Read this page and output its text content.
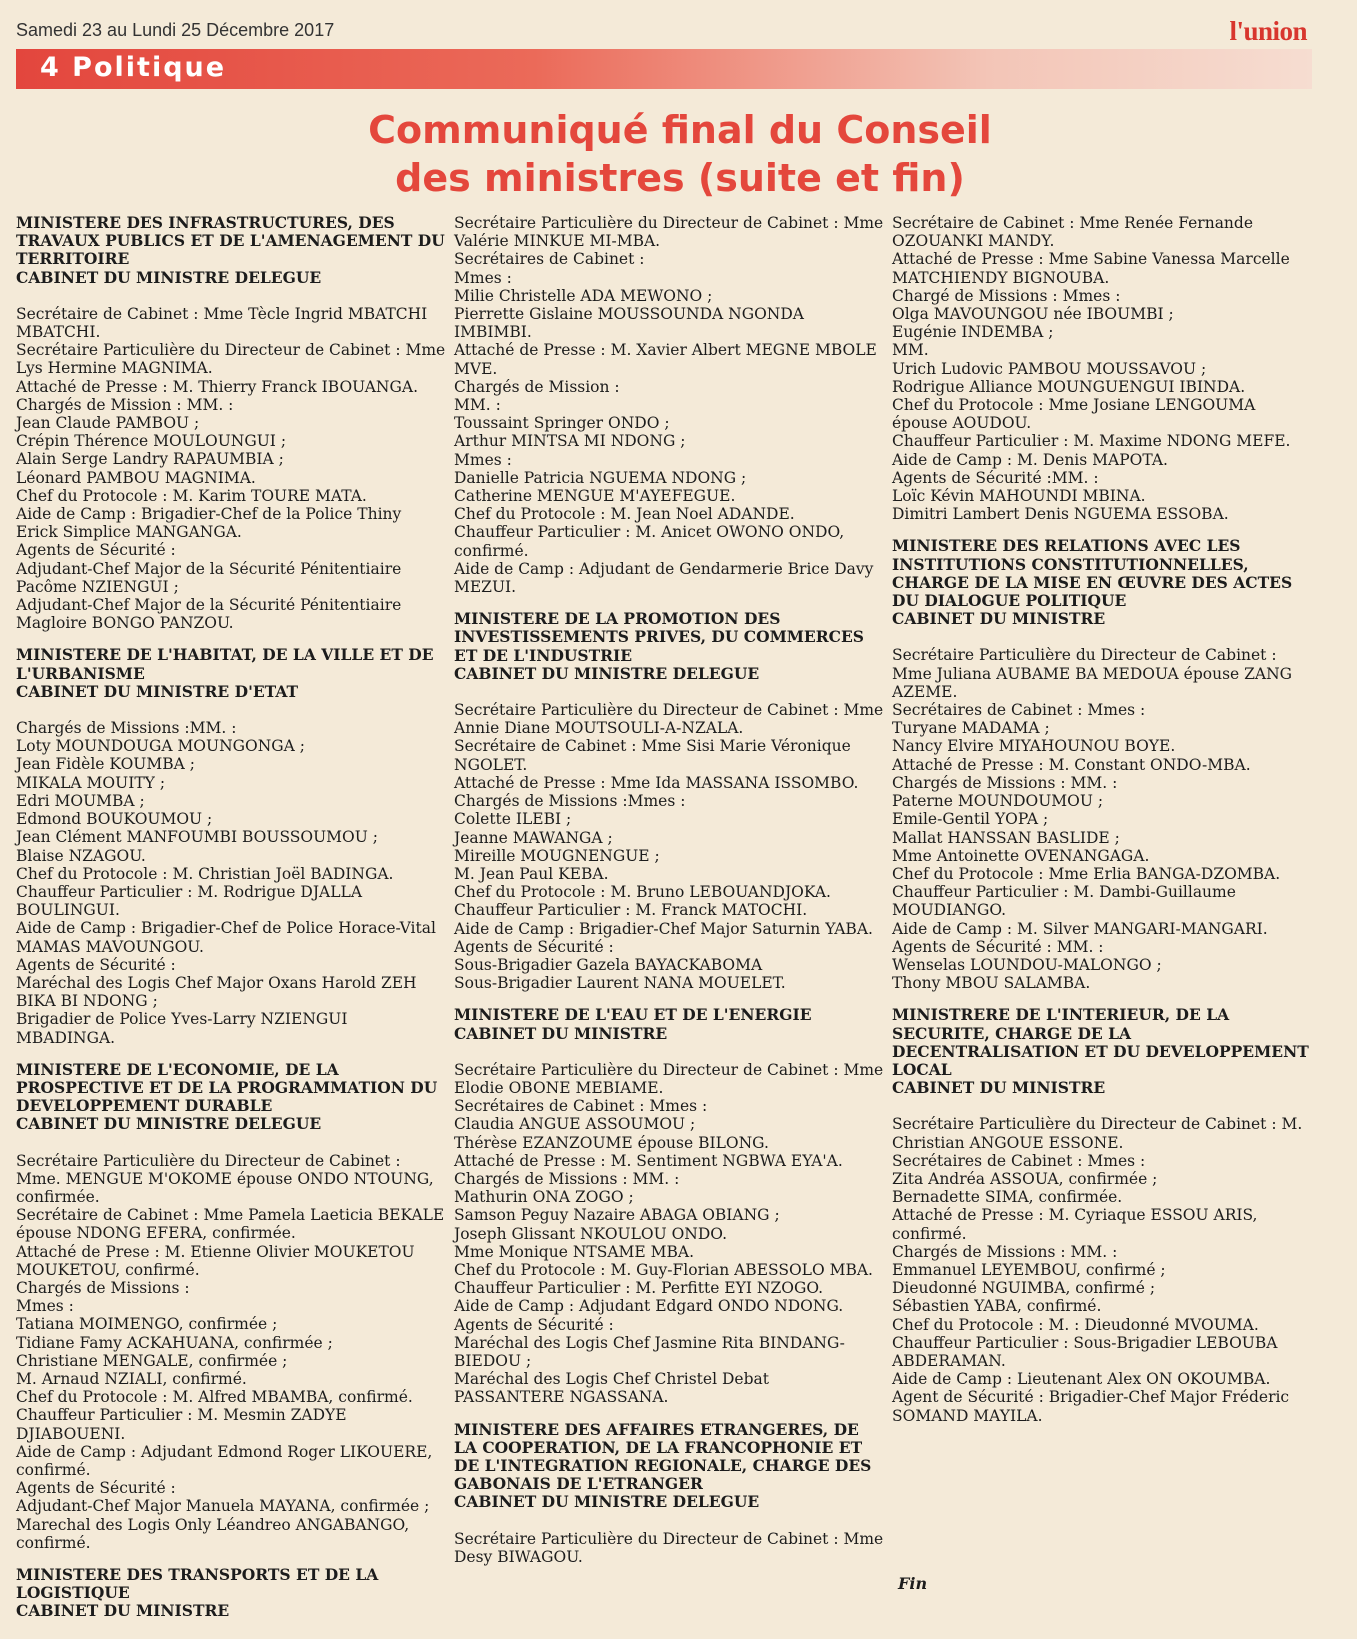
Samedi 23 au Lundi 25 Décembre 2017	l'union
4 Politique
Communiqué final du Conseil
des ministres (suite et fin)
MINISTERE DES INFRASTRUCTURES, DES TRAVAUX PUBLICS ET DE L'AMENAGEMENT DU TERRITOIRE
CABINET DU MINISTRE DELEGUE
Secrétaire de Cabinet : Mme Tècle Ingrid MBATCHI MBATCHI.
Secrétaire Particulière du Directeur de Cabinet : Mme Lys Hermine MAGNIMA.
Attaché de Presse : M. Thierry Franck IBOUANGA.
Chargés de Mission : MM. :
Jean Claude PAMBOU ;
Crépin Thérence MOULOUNGUI ;
Alain Serge Landry RAPAUMBIA ;
Léonard PAMBOU MAGNIMA.
Chef du Protocole : M. Karim TOURE MATA.
Aide de Camp : Brigadier-Chef de la Police Thiny Erick Simplice MANGANGA.
Agents de Sécurité :
Adjudant-Chef Major de la Sécurité Pénitentiaire Pacôme NZIENGUI ;
Adjudant-Chef Major de la Sécurité Pénitentiaire Magloire BONGO PANZOU.
MINISTERE DE L'HABITAT, DE LA VILLE ET DE L'URBANISME
CABINET DU MINISTRE D'ETAT
Chargés de Missions :MM. :
Loty MOUNDOUGA MOUNGONGA ;
Jean Fidèle KOUMBA ;
MIKALA MOUITY ;
Edri MOUMBA ;
Edmond BOUKOUMOU ;
Jean Clément MANFOUMBI BOUSSOUMOU ;
Blaise NZAGOU.
Chef du Protocole : M. Christian Joël BADINGA.
Chauffeur Particulier : M. Rodrigue DJALLA BOULINGUI.
Aide de Camp : Brigadier-Chef de Police Horace-Vital MAMAS MAVOUNGOU.
Agents de Sécurité :
Maréchal des Logis Chef Major Oxans Harold ZEH BIKA BI NDONG ;
Brigadier de Police Yves-Larry NZIENGUI MBADINGA.
MINISTERE DE L'ECONOMIE, DE LA PROSPECTIVE ET DE LA PROGRAMMATION DU DEVELOPPEMENT DURABLE
CABINET DU MINISTRE DELEGUE
Secrétaire Particulière du Directeur de Cabinet : Mme. MENGUE M'OKOME épouse ONDO NTOUNG, confirmée.
Secrétaire de Cabinet : Mme Pamela Laeticia BEKALE épouse NDONG EFERA, confirmée.
Attaché de Prese : M. Etienne Olivier MOUKETOU MOUKETOU, confirmé.
Chargés de Missions :
Mmes :
Tatiana MOIMENGO, confirmée ;
Tidiane Famy ACKAHUANA, confirmée ;
Christiane MENGALE, confirmée ;
M. Arnaud NZIALI, confirmé.
Chef du Protocole : M. Alfred MBAMBA, confirmé.
Chauffeur Particulier : M. Mesmin ZADYE DJIABOUENI.
Aide de Camp : Adjudant Edmond Roger LIKOUERE, confirmé.
Agents de Sécurité :
Adjudant-Chef Major Manuela MAYANA, confirmée ;
Marechal des Logis Only Léandreo ANGABANGO, confirmé.
MINISTERE DES TRANSPORTS ET DE LA LOGISTIQUE
CABINET DU MINISTRE
Secrétaire Particulière du Directeur de Cabinet : Mme Valérie MINKUE MI-MBA.
Secrétaires de Cabinet :
Mmes :
Milie Christelle ADA MEWONO ;
Pierrette Gislaine MOUSSOUNDA NGONDA IMBIMBI.
Attaché de Presse : M. Xavier Albert MEGNE MBOLE MVE.
Chargés de Mission :
MM. :
Toussaint Springer ONDO ;
Arthur MINTSA MI NDONG ;
Mmes :
Danielle Patricia NGUEMA NDONG ;
Catherine MENGUE M'AYEFEGUE.
Chef du Protocole : M. Jean Noel ADANDE.
Chauffeur Particulier : M. Anicet OWONO ONDO, confirmé.
Aide de Camp : Adjudant de Gendarmerie Brice Davy MEZUI.
MINISTERE DE LA PROMOTION DES INVESTISSEMENTS PRIVES, DU COMMERCES ET DE L'INDUSTRIE
CABINET DU MINISTRE DELEGUE
Secrétaire Particulière du Directeur de Cabinet : Mme Annie Diane MOUTSOULI-A-NZALA.
Secrétaire de Cabinet : Mme Sisi Marie Véronique NGOLET.
Attaché de Presse : Mme Ida MASSANA ISSOMBO.
Chargés de Missions :Mmes :
Colette ILEBI ;
Jeanne MAWANGA ;
Mireille MOUGNENGUE ;
M. Jean Paul KEBA.
Chef du Protocole : M. Bruno LEBOUANDJOKA.
Chauffeur Particulier : M. Franck MATOCHI.
Aide de Camp : Brigadier-Chef Major Saturnin YABA.
Agents de Sécurité :
Sous-Brigadier Gazela BAYACKABOMA
Sous-Brigadier Laurent NANA MOUELET.
MINISTERE DE L'EAU ET DE L'ENERGIE
CABINET DU MINISTRE
Secrétaire Particulière du Directeur de Cabinet : Mme Elodie OBONE MEBIAME.
Secrétaires de Cabinet : Mmes :
Claudia ANGUE ASSOUMOU ;
Thérèse EZANZOUME épouse BILONG.
Attaché de Presse : M. Sentiment NGBWA EYA'A.
Chargés de Missions : MM. :
Mathurin ONA ZOGO ;
Samson Peguy Nazaire ABAGA OBIANG ;
Joseph Glissant NKOULOU ONDO.
Mme Monique NTSAME MBA.
Chef du Protocole : M. Guy-Florian ABESSOLO MBA.
Chauffeur Particulier : M. Perfitte EYI NZOGO.
Aide de Camp : Adjudant Edgard ONDO NDONG.
Agents de Sécurité :
Maréchal des Logis Chef Jasmine Rita BINDANG-BIEDOU ;
Maréchal des Logis Chef Christel Debat PASSANTERE NGASSANA.
MINISTERE DES AFFAIRES ETRANGERES, DE LA COOPERATION, DE LA FRANCOPHONIE ET DE L'INTEGRATION REGIONALE, CHARGE DES GABONAIS DE L'ETRANGER
CABINET DU MINISTRE DELEGUE
Secrétaire Particulière du Directeur de Cabinet : Mme Desy BIWAGOU.
Secrétaire de Cabinet : Mme Renée Fernande OZOUANKI MANDY.
Attaché de Presse : Mme Sabine Vanessa Marcelle MATCHIENDY BIGNOUBA.
Chargé de Missions : Mmes :
Olga MAVOUNGOU née IBOUMBI ;
Eugénie INDEMBA ;
MM.
Urich Ludovic PAMBOU MOUSSAVOU ;
Rodrigue Alliance MOUNGUENGUI IBINDA.
Chef du Protocole : Mme Josiane LENGOUMA épouse AOUDOU.
Chauffeur Particulier : M. Maxime NDONG MEFE.
Aide de Camp : M. Denis MAPOTA.
Agents de Sécurité :MM. :
Loïc Kévin MAHOUNDI MBINA.
Dimitri Lambert Denis NGUEMA ESSOBA.
MINISTERE DES RELATIONS AVEC LES INSTITUTIONS CONSTITUTIONNELLES, CHARGE DE LA MISE EN ŒUVRE DES ACTES DU DIALOGUE POLITIQUE
CABINET DU MINISTRE
Secrétaire Particulière du Directeur de Cabinet : Mme Juliana AUBAME BA MEDOUA épouse ZANG AZEME.
Secrétaires de Cabinet : Mmes :
Turyane MADAMA ;
Nancy Elvire MIYAHOUNOU BOYE.
Attaché de Presse : M. Constant ONDO-MBA.
Chargés de Missions : MM. :
Paterne MOUNDOUMOU ;
Emile-Gentil YOPA ;
Mallat HANSSAN BASLIDE ;
Mme Antoinette OVENANGAGA.
Chef du Protocole : Mme Erlia BANGA-DZOMBA.
Chauffeur Particulier : M. Dambi-Guillaume MOUDIANGO.
Aide de Camp : M. Silver MANGARI-MANGARI.
Agents de Sécurité : MM. :
Wenselas LOUNDOU-MALONGO ;
Thony MBOU SALAMBA.
MINISTRERE DE L'INTERIEUR, DE LA SECURITE, CHARGE DE LA DECENTRALISATION ET DU DEVELOPPEMENT LOCAL
CABINET DU MINISTRE
Secrétaire Particulière du Directeur de Cabinet : M. Christian ANGOUE ESSONE.
Secrétaires de Cabinet : Mmes :
Zita Andréa ASSOUA, confirmée ;
Bernadette SIMA, confirmée.
Attaché de Presse : M. Cyriaque ESSOU ARIS, confirmé.
Chargés de Missions : MM. :
Emmanuel LEYEMBOU, confirmé ;
Dieudonné NGUIMBA, confirmé ;
Sébastien YABA, confirmé.
Chef du Protocole : M. : Dieudonné MVOUMA.
Chauffeur Particulier : Sous-Brigadier LEBOUBA ABDERAMAN.
Aide de Camp : Lieutenant Alex ON OKOUMBA.
Agent de Sécurité : Brigadier-Chef Major Fréderic SOMAND MAYILA.
Fin
